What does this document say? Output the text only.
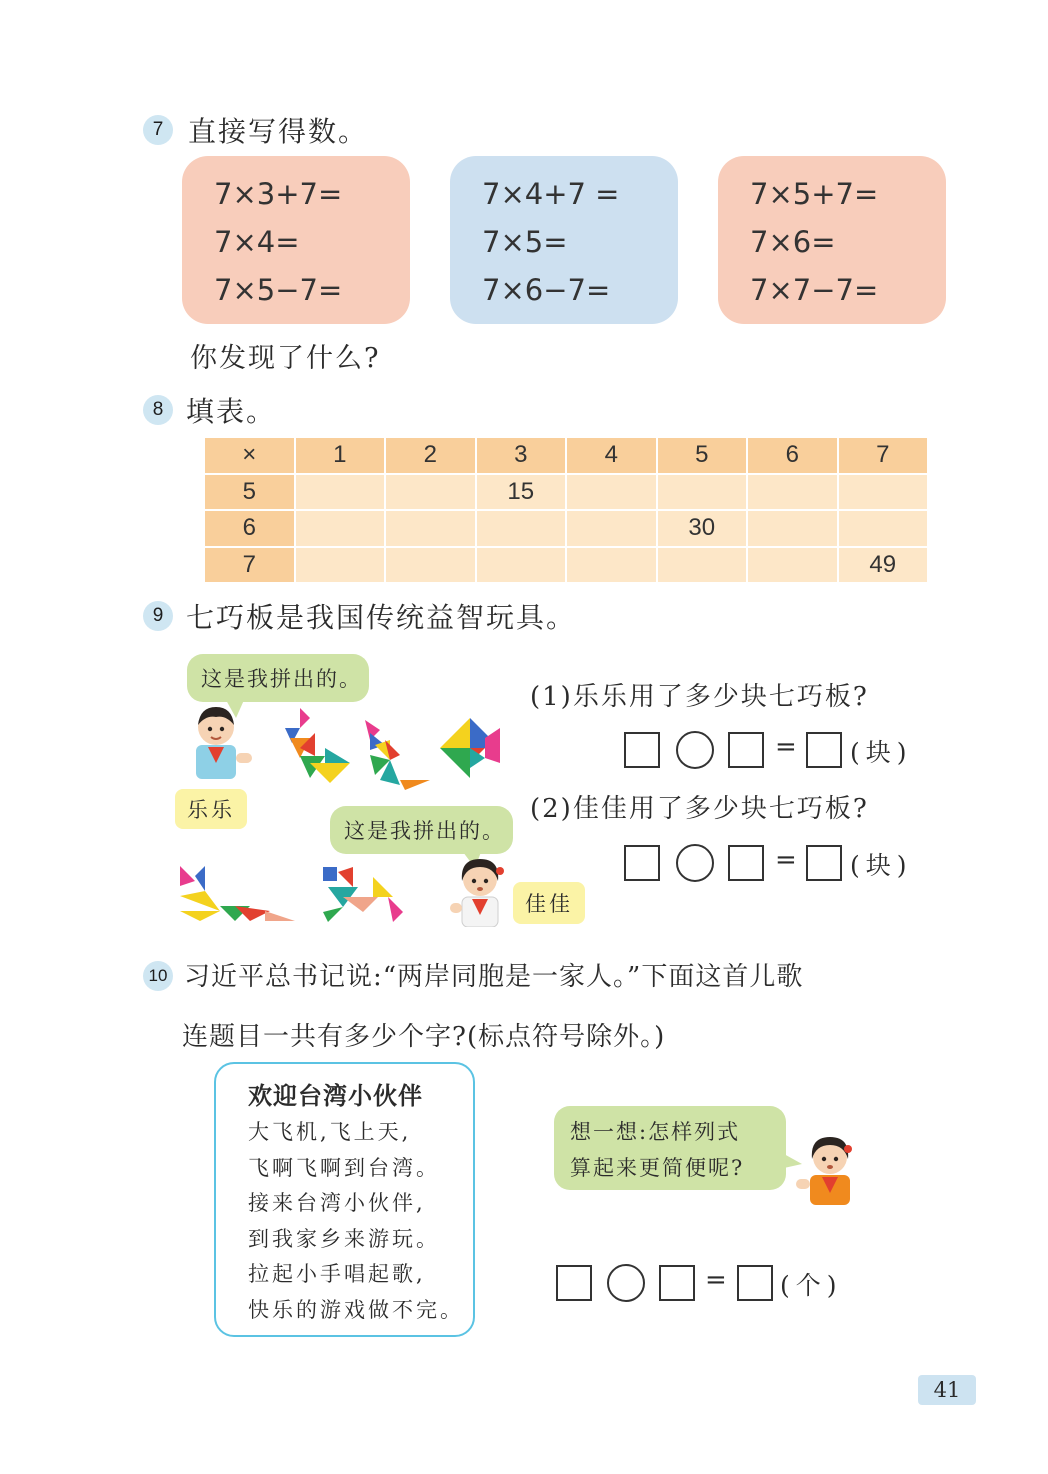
7 直接写得数。
7×3+7=
7×4=
7×5−7=
7×4+7 =
7×5=
7×6−7=
7×5+7=
7×6=
7×7−7=
你发现了什么?
8 填表。
×	1	2	3	4	5	6	7
5			15				
6					30		
7							49
9 七巧板是我国传统益智玩具。
这是我拼出的。
乐乐
这是我拼出的。
佳佳
(1)乐乐用了多少块七巧板?
= (块)
(2)佳佳用了多少块七巧板?
= (块)
10 习近平总书记说:“两岸同胞是一家人。”下面这首儿歌
连题目一共有多少个字?(标点符号除外。)
欢迎台湾小伙伴
大飞机,飞上天,
飞啊飞啊到台湾。
接来台湾小伙伴,
到我家乡来游玩。
拉起小手唱起歌,
快乐的游戏做不完。
想一想:怎样列式
算起来更简便呢?
= (个)
41
